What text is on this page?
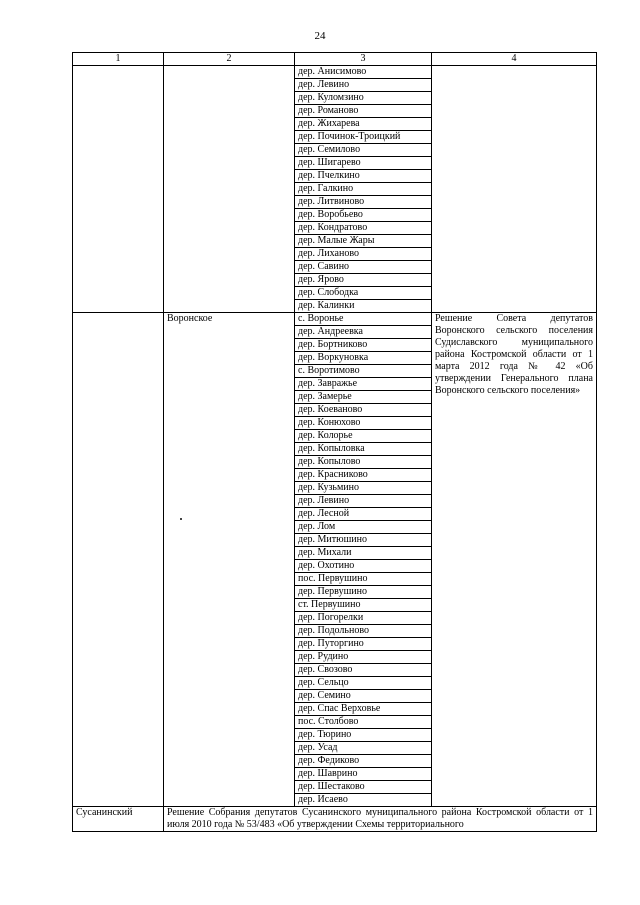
24
1	2	3	4
		дер. Анисимово	
		дер. Левино	
		дер. Куломзино	
		дер. Романово	
		дер. Жихарева	
		дер. Починок-Троицкий	
		дер. Семилово	
		дер. Шигарево	
		дер. Пчелкино	
		дер. Галкино	
		дер. Литвиново	
		дер. Воробьево	
		дер. Кондратово	
		дер. Малые Жары	
		дер. Лиханово	
		дер. Савино	
		дер. Ярово	
		дер. Слободка	
		дер. Калинки	
	Воронское	с. Воронье	Решение Совета депутатов Воронского сельского поселения Судиславского муниципального района Костромской области от 1 марта 2012 года № 42 «Об утверждении Генерального плана Воронского сельского поселения»
		дер. Андреевка	
		дер. Бортниково	
		дер. Воркуновка	
		с. Воротимово	
		дер. Завражье	
		дер. Замерье	
		дер. Коеваново	
		дер. Конюхово	
		дер. Колорье	
		дер. Копыловка	
		дер. Копылово	
		дер. Красниково	
		дер. Кузьмино	
		дер. Левино	
		дер. Лесной	
		дер. Лом	
		дер. Митюшино	
		дер. Михали	
		дер. Охотино	
		пос. Первушино	
		дер. Первушино	
		ст. Первушино	
		дер. Погорелки	
		дер. Подольново	
		дер. Путоргино	
		дер. Рудино	
		дер. Свозово	
		дер. Сельцо	
		дер. Семино	
		дер. Спас Верховье	
		пос. Столбово	
		дер. Тюрино	
		дер. Усад	
		дер. Федиково	
		дер. Шаврино	
		дер. Шестаково	
		дер. Исаево	
Сусанинский	Решение Собрания депутатов Сусанинского муниципального района Костромской области от 1 июля 2010 года № 53/483 «Об утверждении Схемы территориального		
